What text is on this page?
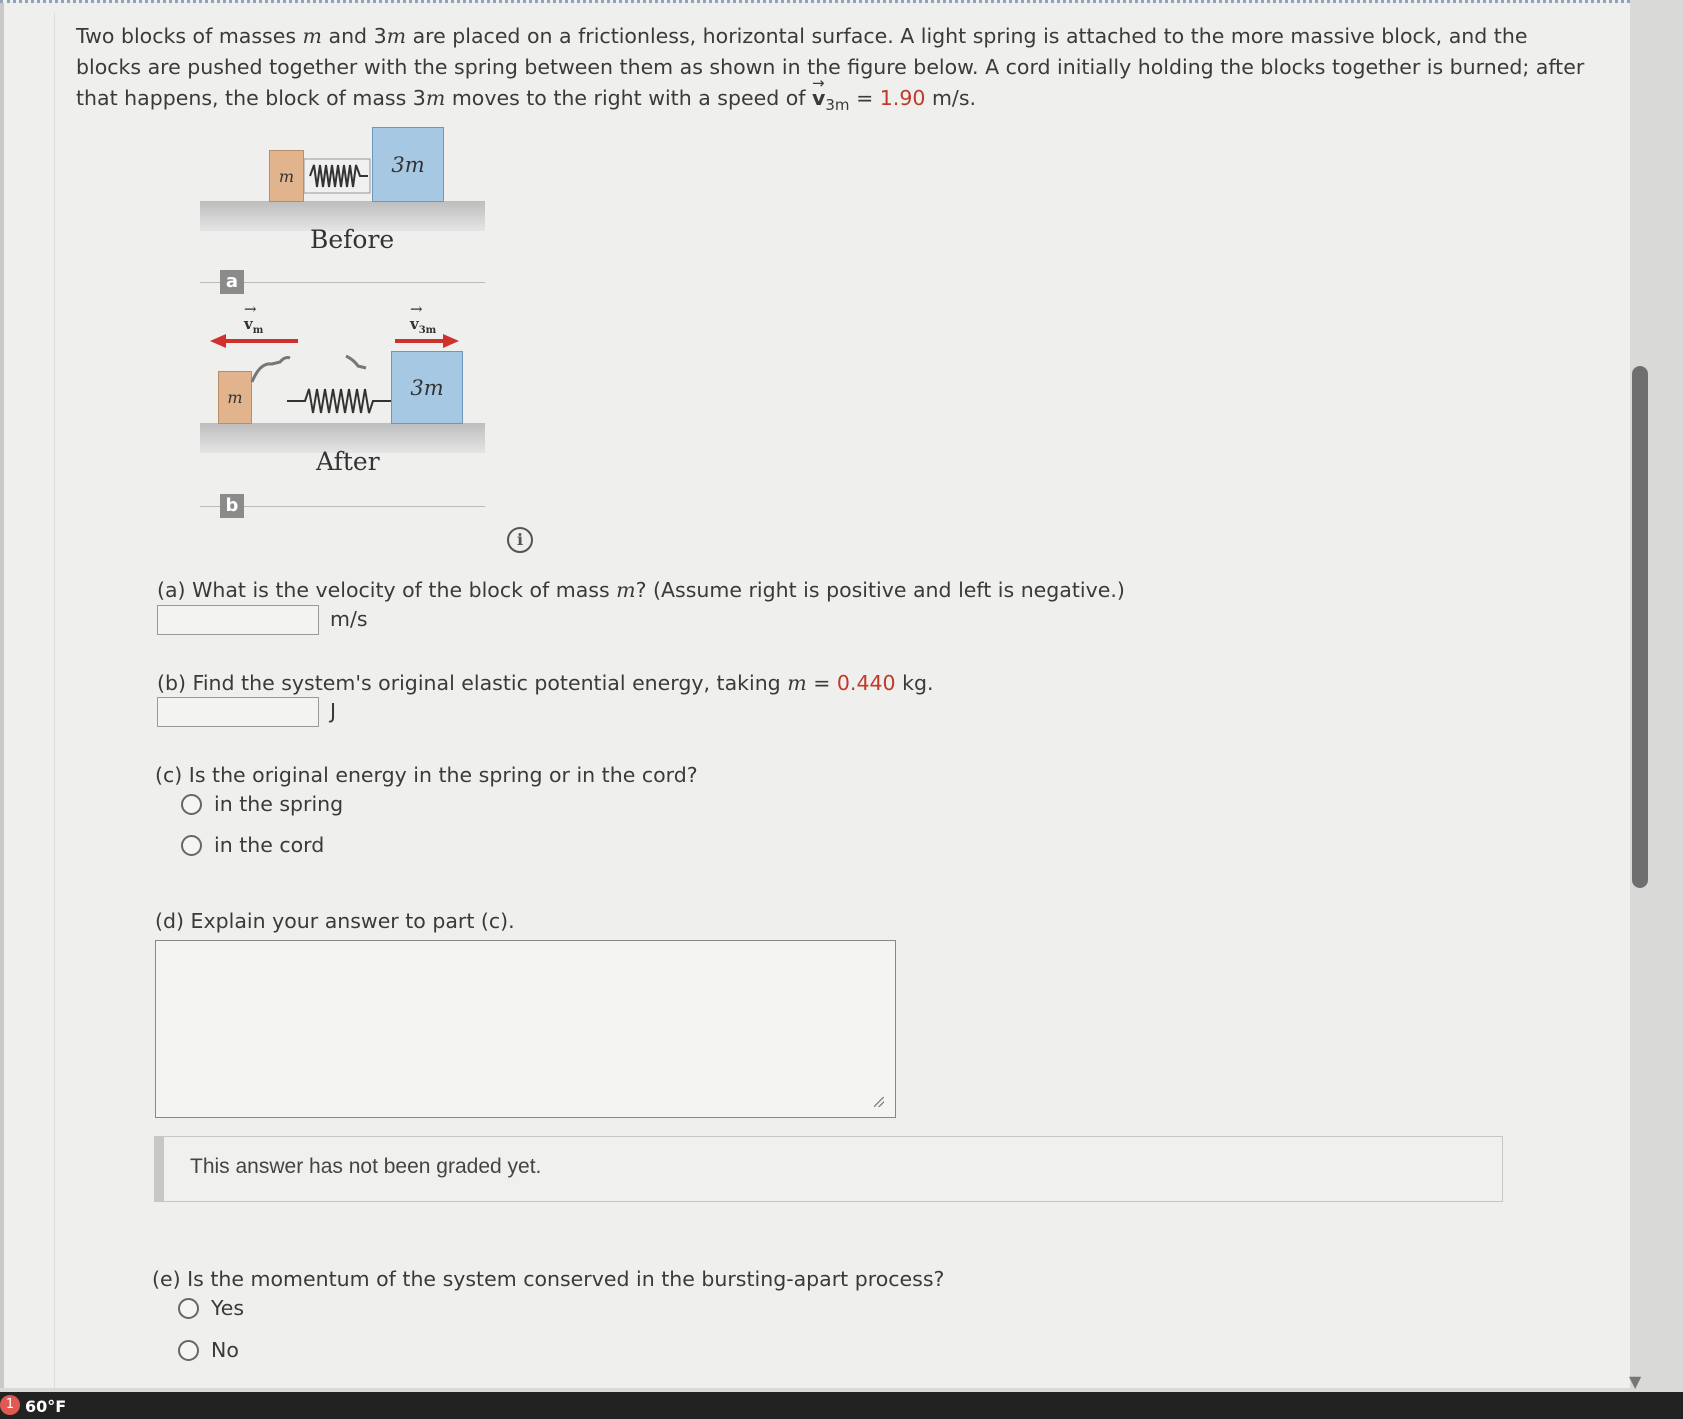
Two blocks of masses m and 3m are placed on a frictionless, horizontal surface. A light spring is attached to the more massive block, and the blocks are pushed together with the spring between them as shown in the figure below. A cord initially holding the blocks together is burned; after that happens, the block of mass 3m moves to the right with a speed of → $v_{3m} = 1.90$ m/s.
m	3m
Before
a
→ $v_m$
→	$v_{3m}$
m	3m
After
b
i
(a) What is the velocity of the block of mass m? (Assume right is positive and left is negative.)
m/s
(b) Find the system's original elastic potential energy, taking m = 0.440 kg.
J
(c) Is the original energy in the spring or in the cord?
in the spring
in the cord
(d) Explain your answer to part (c).
This answer has not been graded yet.
(e) Is the momentum of the system conserved in the bursting-apart process?
Yes
No
▼
1 60°F
